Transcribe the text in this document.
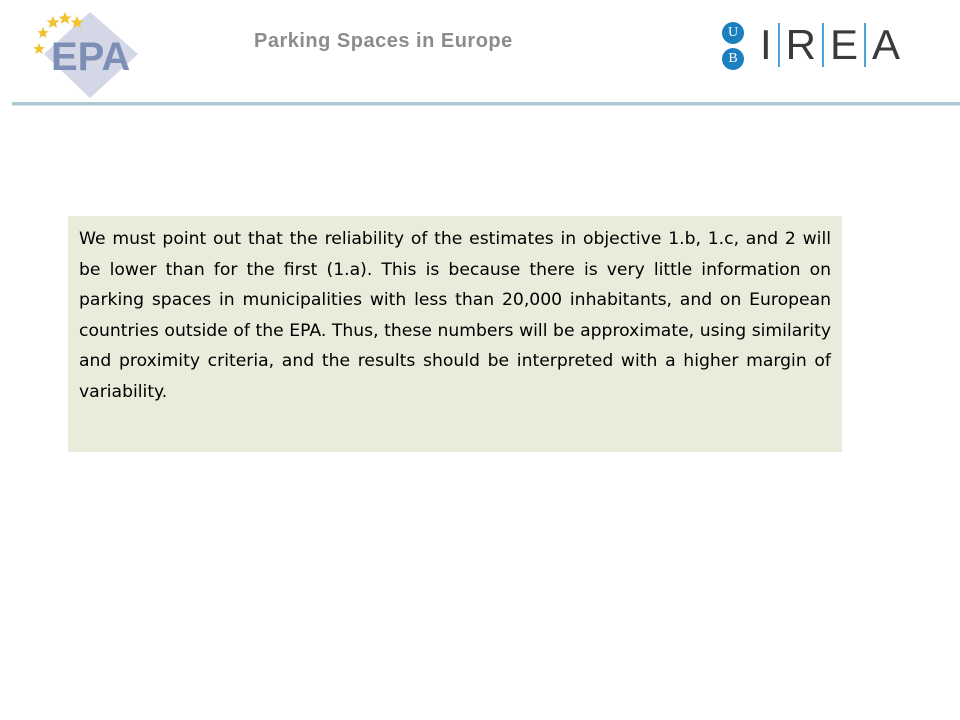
EPA	Parking Spaces in Europe	U
B I R E A

We must point out that the reliability of the estimates in objective 1.b, 1.c, and 2 will be lower than for the first (1.a). This is because there is very little information on parking spaces in municipalities with less than 20,000 inhabitants, and on European countries outside of the EPA. Thus, these numbers will be approximate, using similarity and proximity criteria, and the results should be interpreted with a higher margin of variability.
